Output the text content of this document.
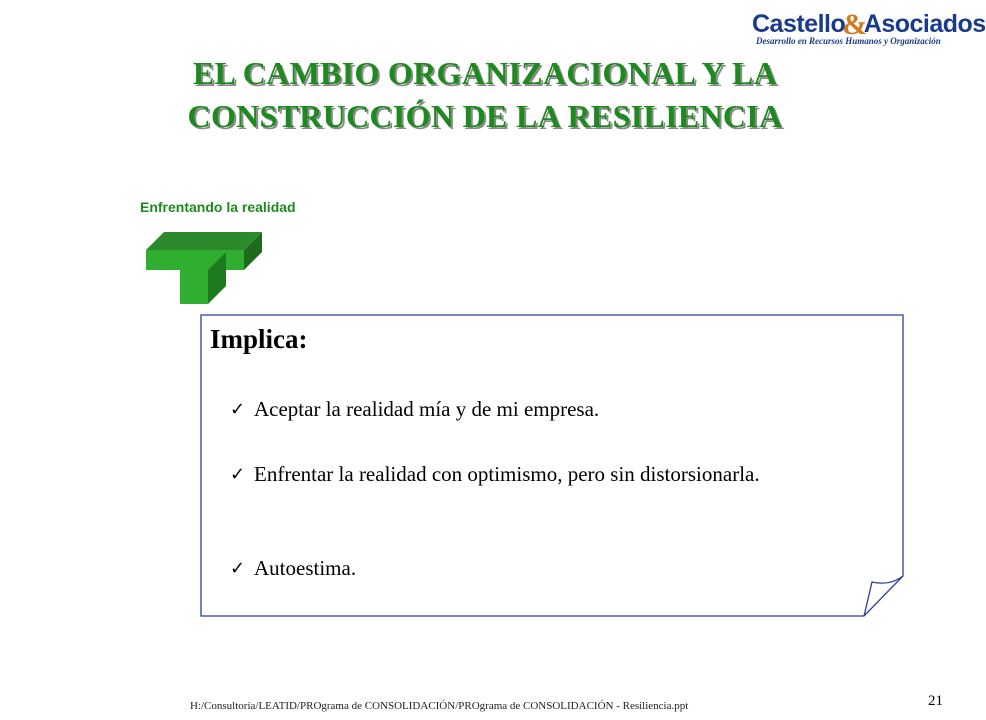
Castello&Asociados
Desarrollo en Recursos Humanos y Organización
EL CAMBIO ORGANIZACIONAL Y LA
CONSTRUCCIÓN DE LA RESILIENCIA
Enfrentando la realidad
Implica:
✓ Aceptar la realidad mía y de mi empresa.
✓ Enfrentar la realidad con optimismo, pero sin distorsionarla.
✓ Autoestima.
H:/Consultoría/LEATID/PROgrama de CONSOLIDACIÓN/PROgrama de CONSOLIDACIÓN - Resiliencia.ppt	21
